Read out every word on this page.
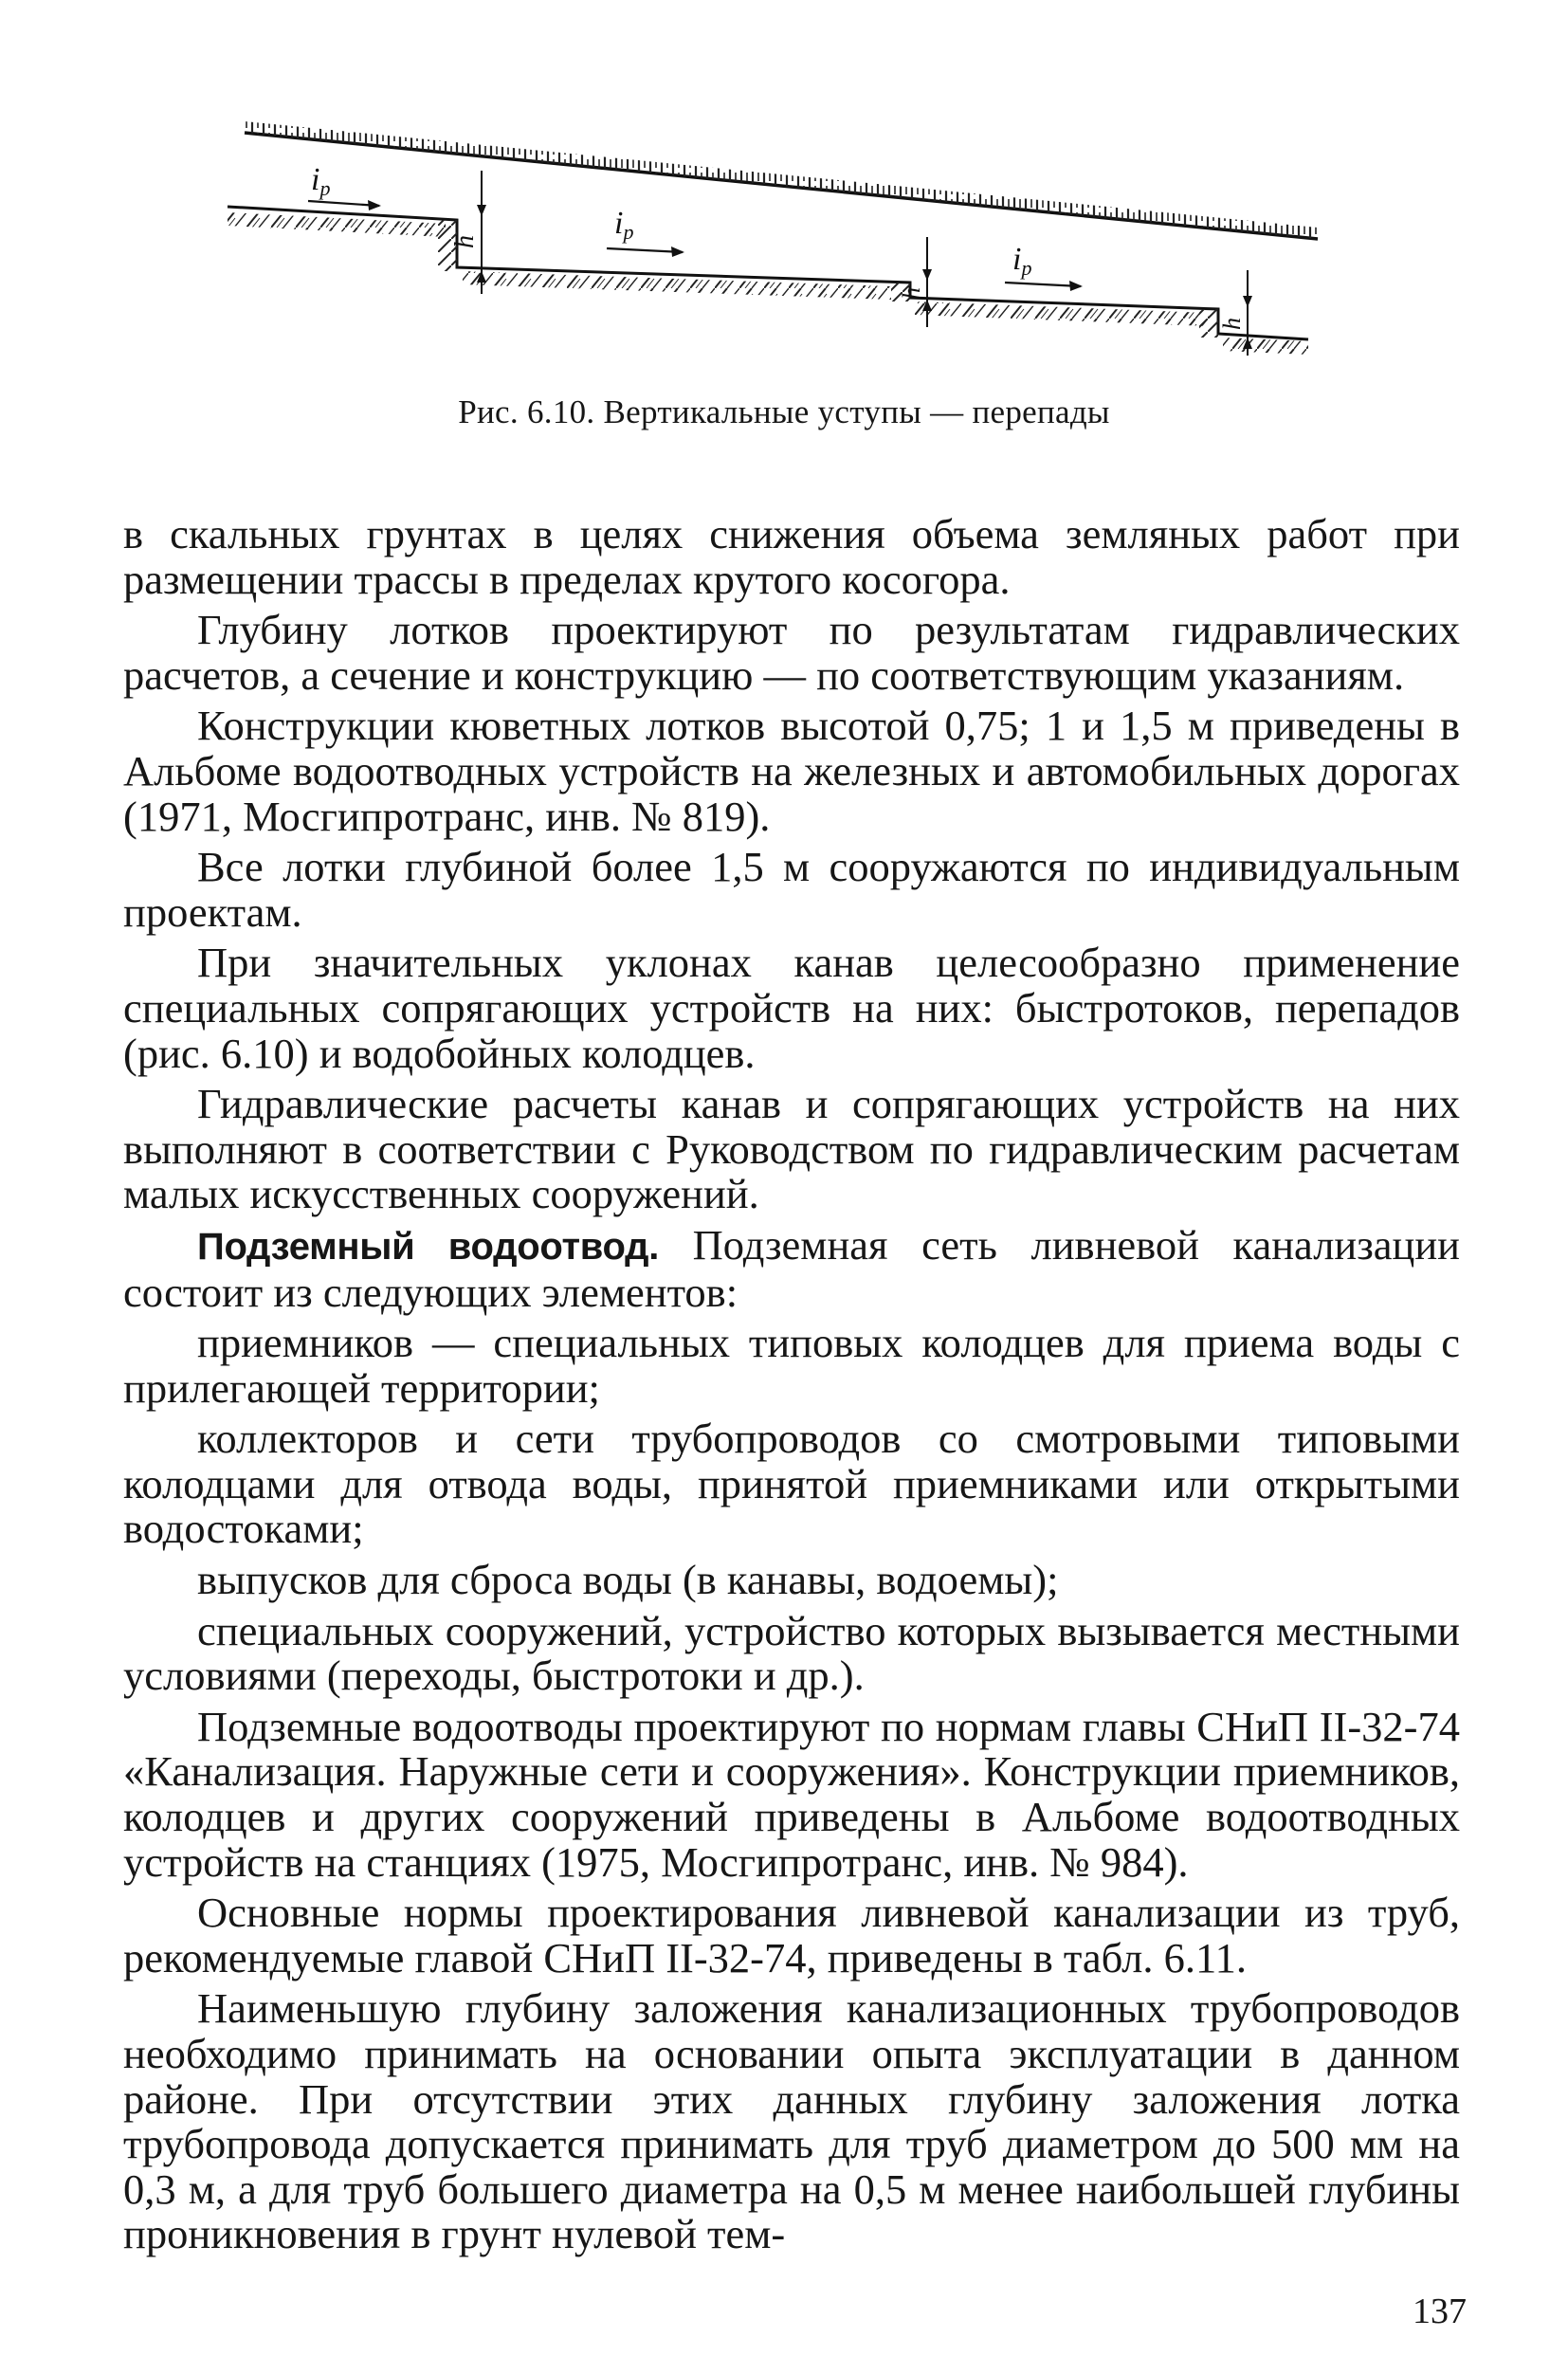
iр
iр
iр
h
h
h
Рис. 6.10. Вертикальные уступы — перепады

в скальных грунтах в целях снижения объема земляных работ при размещении трассы в пределах крутого косогора.

Глубину лотков проектируют по результатам гидравлических расчетов, а сечение и конструкцию — по соответствующим указаниям.

Конструкции кюветных лотков высотой 0,75; 1 и 1,5 м приведены в Альбоме водоотводных устройств на железных и автомобильных дорогах (1971, Мосгипротранс, инв. № 819).

Все лотки глубиной более 1,5 м сооружаются по индивидуальным проектам.

При значительных уклонах канав целесообразно применение специальных сопрягающих устройств на них: быстротоков, перепадов (рис. 6.10) и водобойных колодцев.

Гидравлические расчеты канав и сопрягающих устройств на них выполняют в соответствии с Руководством по гидравлическим расчетам малых искусственных сооружений.

Подземный водоотвод. Подземная сеть ливневой канализации состоит из следующих элементов:

приемников — специальных типовых колодцев для приема воды с прилегающей территории;

коллекторов и сети трубопроводов со смотровыми типовыми колодцами для отвода воды, принятой приемниками или открытыми водостоками;

выпусков для сброса воды (в канавы, водоемы);

специальных сооружений, устройство которых вызывается местными условиями (переходы, быстротоки и др.).

Подземные водоотводы проектируют по нормам главы СНиП II-32-74 «Канализация. Наружные сети и сооружения». Конструкции приемников, колодцев и других сооружений приведены в Альбоме водоотводных устройств на станциях (1975, Мосгипротранс, инв. № 984).

Основные нормы проектирования ливневой канализации из труб, рекомендуемые главой СНиП II-32-74, приведены в табл. 6.11.

Наименьшую глубину заложения канализационных трубопроводов необходимо принимать на основании опыта эксплуатации в данном районе. При отсутствии этих данных глубину заложения лотка трубопровода допускается принимать для труб диаметром до 500 мм на 0,3 м, а для труб большего диаметра на 0,5 м менее наибольшей глубины проникновения в грунт нулевой тем-

137
